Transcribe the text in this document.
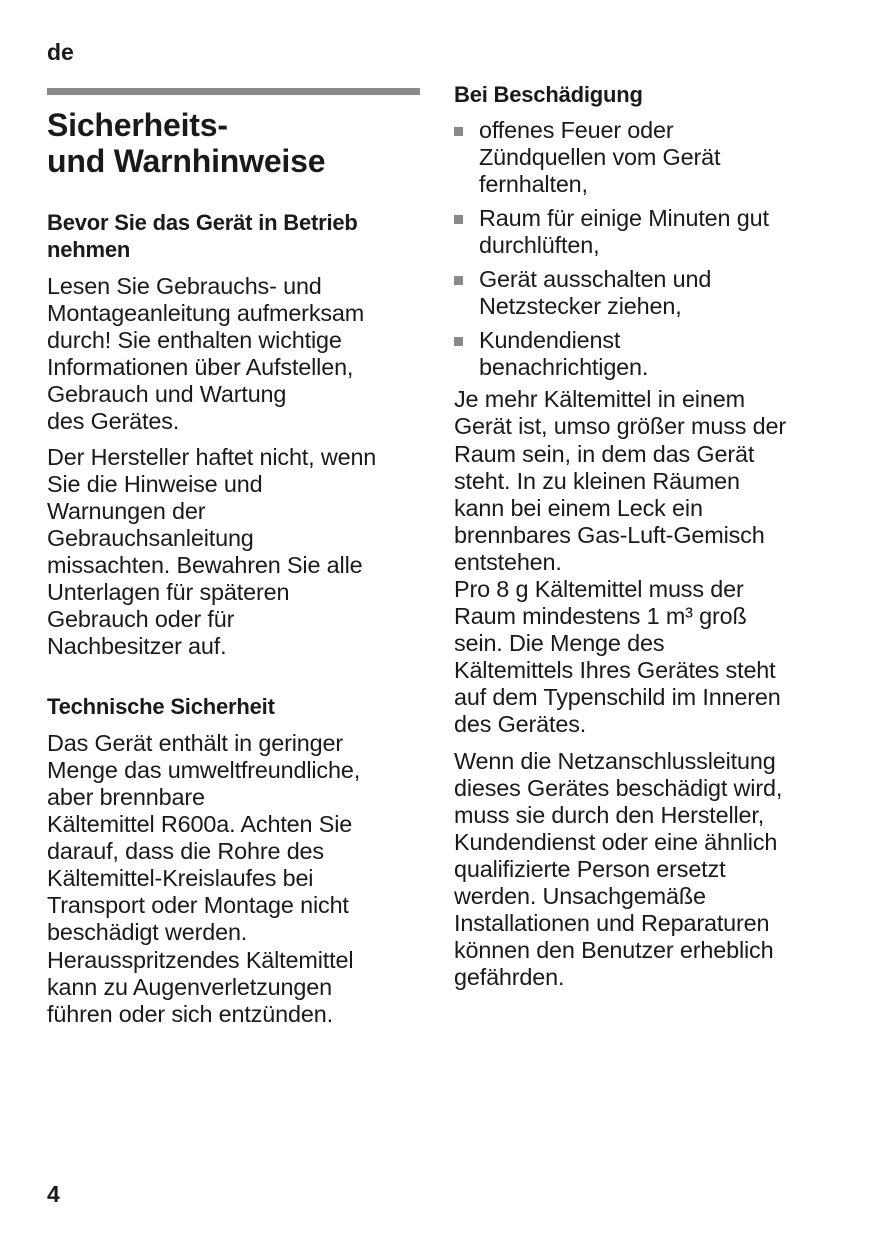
de
Sicherheits-
und Warnhinweise
Bevor Sie das Gerät in Betrieb
nehmen

Lesen Sie Gebrauchs- und
Montageanleitung aufmerksam
durch! Sie enthalten wichtige
Informationen über Aufstellen,
Gebrauch und Wartung
des Gerätes.

Der Hersteller haftet nicht, wenn
Sie die Hinweise und
Warnungen der
Gebrauchsanleitung
missachten. Bewahren Sie alle
Unterlagen für späteren
Gebrauch oder für
Nachbesitzer auf.

Technische Sicherheit

Das Gerät enthält in geringer
Menge das umweltfreundliche,
aber brennbare
Kältemittel R600a. Achten Sie
darauf, dass die Rohre des
Kältemittel-Kreislaufes bei
Transport oder Montage nicht
beschädigt werden.
Herausspritzendes Kältemittel
kann zu Augenverletzungen
führen oder sich entzünden.

Bei Beschädigung
offenes Feuer oder
Zündquellen vom Gerät
fernhalten,
Raum für einige Minuten gut
durchlüften,
Gerät ausschalten und
Netzstecker ziehen,
Kundendienst
benachrichtigen.

Je mehr Kältemittel in einem
Gerät ist, umso größer muss der
Raum sein, in dem das Gerät
steht. In zu kleinen Räumen
kann bei einem Leck ein
brennbares Gas-Luft-Gemisch
entstehen.
Pro 8 g Kältemittel muss der
Raum mindestens 1 m³ groß
sein. Die Menge des
Kältemittels Ihres Gerätes steht
auf dem Typenschild im Inneren
des Gerätes.

Wenn die Netzanschlussleitung
dieses Gerätes beschädigt wird,
muss sie durch den Hersteller,
Kundendienst oder eine ähnlich
qualifizierte Person ersetzt
werden. Unsachgemäße
Installationen und Reparaturen
können den Benutzer erheblich
gefährden.

4
